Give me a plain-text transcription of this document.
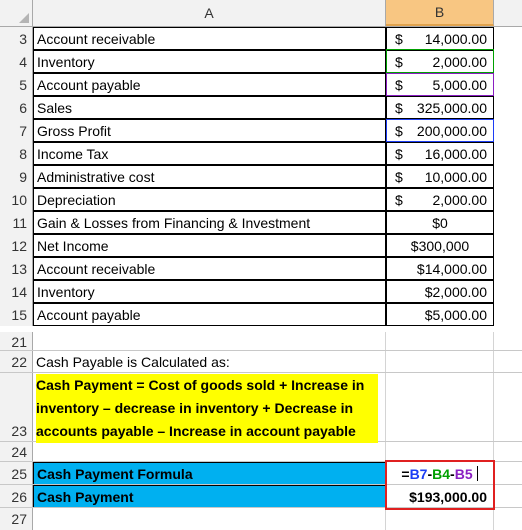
A	B
3 Account receivable	$ 14,000.00
4 Inventory	$ 2,000.00
5 Account payable	$ 5,000.00
6 Sales	$ 325,000.00
7 Gross Profit	$ 200,000.00
8 Income Tax	$ 16,000.00
9 Administrative cost	$ 10,000.00
10 Depreciation	$ 2,000.00
11 Gain & Losses from Financing & Investment	$0
12 Net Income	$300,000
13 Account receivable	$14,000.00
14 Inventory	$2,000.00
15 Account payable	$5,000.00
21
22 Cash Payable is Calculated as:
23
Cash Payment = Cost of goods sold + Increase in
inventory – decrease in inventory + Decrease in
accounts payable – Increase in account payable
24
25 Cash Payment Formula	= B7 - B4 - B5
26 Cash Payment	$193,000.00
27
